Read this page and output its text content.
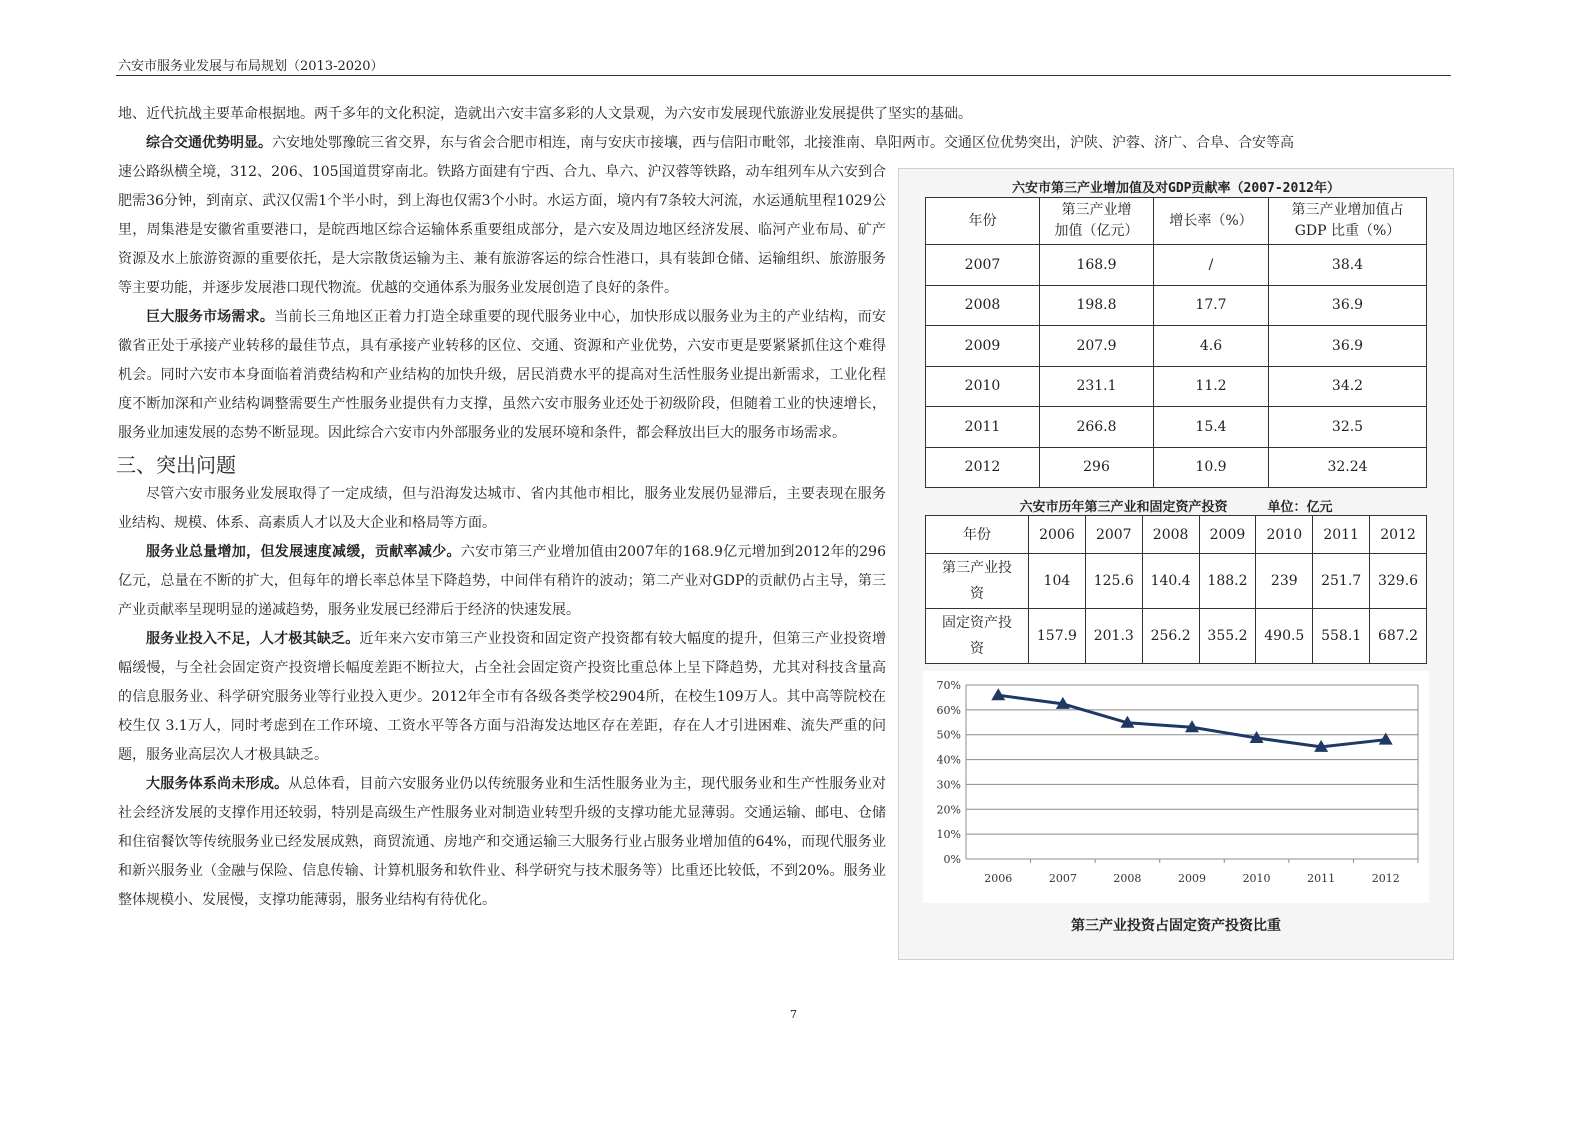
六安市服务业发展与布局规划（2013-2020）

地、近代抗战主要革命根据地。两千多年的文化积淀，造就出六安丰富多彩的人文景观，为六安市发展现代旅游业发展提供了坚实的基础。

综合交通优势明显。六安地处鄂豫皖三省交界，东与省会合肥市相连，南与安庆市接壤，西与信阳市毗邻，北接淮南、阜阳两市。交通区位优势突出，沪陕、沪蓉、济广、合阜、合安等高

速公路纵横全境，312、206、105国道贯穿南北。铁路方面建有宁西、合九、阜六、沪汉蓉等铁路，动车组列车从六安到合肥需36分钟，到南京、武汉仅需1个半小时，到上海也仅需3个小时。水运方面，境内有7条较大河流，水运通航里程1029公里，周集港是安徽省重要港口，是皖西地区综合运输体系重要组成部分，是六安及周边地区经济发展、临河产业布局、矿产资源及水上旅游资源的重要依托，是大宗散货运输为主、兼有旅游客运的综合性港口，具有装卸仓储、运输组织、旅游服务等主要功能，并逐步发展港口现代物流。优越的交通体系为服务业发展创造了良好的条件。

巨大服务市场需求。当前长三角地区正着力打造全球重要的现代服务业中心，加快形成以服务业为主的产业结构，而安徽省正处于承接产业转移的最佳节点，具有承接产业转移的区位、交通、资源和产业优势，六安市更是要紧紧抓住这个难得机会。同时六安市本身面临着消费结构和产业结构的加快升级，居民消费水平的提高对生活性服务业提出新需求，工业化程度不断加深和产业结构调整需要生产性服务业提供有力支撑，虽然六安市服务业还处于初级阶段，但随着工业的快速增长，服务业加速发展的态势不断显现。因此综合六安市内外部服务业的发展环境和条件，都会释放出巨大的服务市场需求。

三、突出问题

尽管六安市服务业发展取得了一定成绩，但与沿海发达城市、省内其他市相比，服务业发展仍显滞后，主要表现在服务业结构、规模、体系、高素质人才以及大企业和格局等方面。

服务业总量增加，但发展速度减缓，贡献率减少。六安市第三产业增加值由2007年的168.9亿元增加到2012年的296亿元，总量在不断的扩大，但每年的增长率总体呈下降趋势，中间伴有稍许的波动；第二产业对GDP的贡献仍占主导，第三产业贡献率呈现明显的递减趋势，服务业发展已经滞后于经济的快速发展。

服务业投入不足，人才极其缺乏。近年来六安市第三产业投资和固定资产投资都有较大幅度的提升，但第三产业投资增幅缓慢，与全社会固定资产投资增长幅度差距不断拉大，占全社会固定资产投资比重总体上呈下降趋势，尤其对科技含量高的信息服务业、科学研究服务业等行业投入更少。2012年全市有各级各类学校2904所，在校生109万人。其中高等院校在校生仅 3.1万人，同时考虑到在工作环境、工资水平等各方面与沿海发达地区存在差距，存在人才引进困难、流失严重的问题，服务业高层次人才极具缺乏。

大服务体系尚未形成。从总体看，目前六安服务业仍以传统服务业和生活性服务业为主，现代服务业和生产性服务业对社会经济发展的支撑作用还较弱，特别是高级生产性服务业对制造业转型升级的支撑功能尤显薄弱。交通运输、邮电、仓储和住宿餐饮等传统服务业已经发展成熟，商贸流通、房地产和交通运输三大服务行业占服务业增加值的64%，而现代服务业和新兴服务业（金融与保险、信息传输、计算机服务和软件业、科学研究与技术服务等）比重还比较低，不到20%。服务业整体规模小、发展慢，支撑功能薄弱，服务业结构有待优化。

六安市第三产业增加值及对GDP贡献率（2007-2012年）
年份	第三产业增
加值（亿元）	增长率（%）	第三产业增加值占
GDP 比重（%）
2007	168.9	/	38.4
2008	198.8	17.7	36.9
2009	207.9	4.6	36.9
2010	231.1	11.2	34.2
2011	266.8	15.4	32.5
2012	296	10.9	32.24
六安市历年第三产业和固定资产投资	单位：亿元
年份	2006	2007	2008	2009	2010	2011	2012
第三产业投
资	104	125.6	140.4	188.2	239	251.7	329.6
固定资产投
资	157.9	201.3	256.2	355.2	490.5	558.1	687.2
0%
10%
20%
30%
40%
50%
60%
70%
2006	2007	2008	2009	2010	2011	2012
第三产业投资占固定资产投资比重
7
